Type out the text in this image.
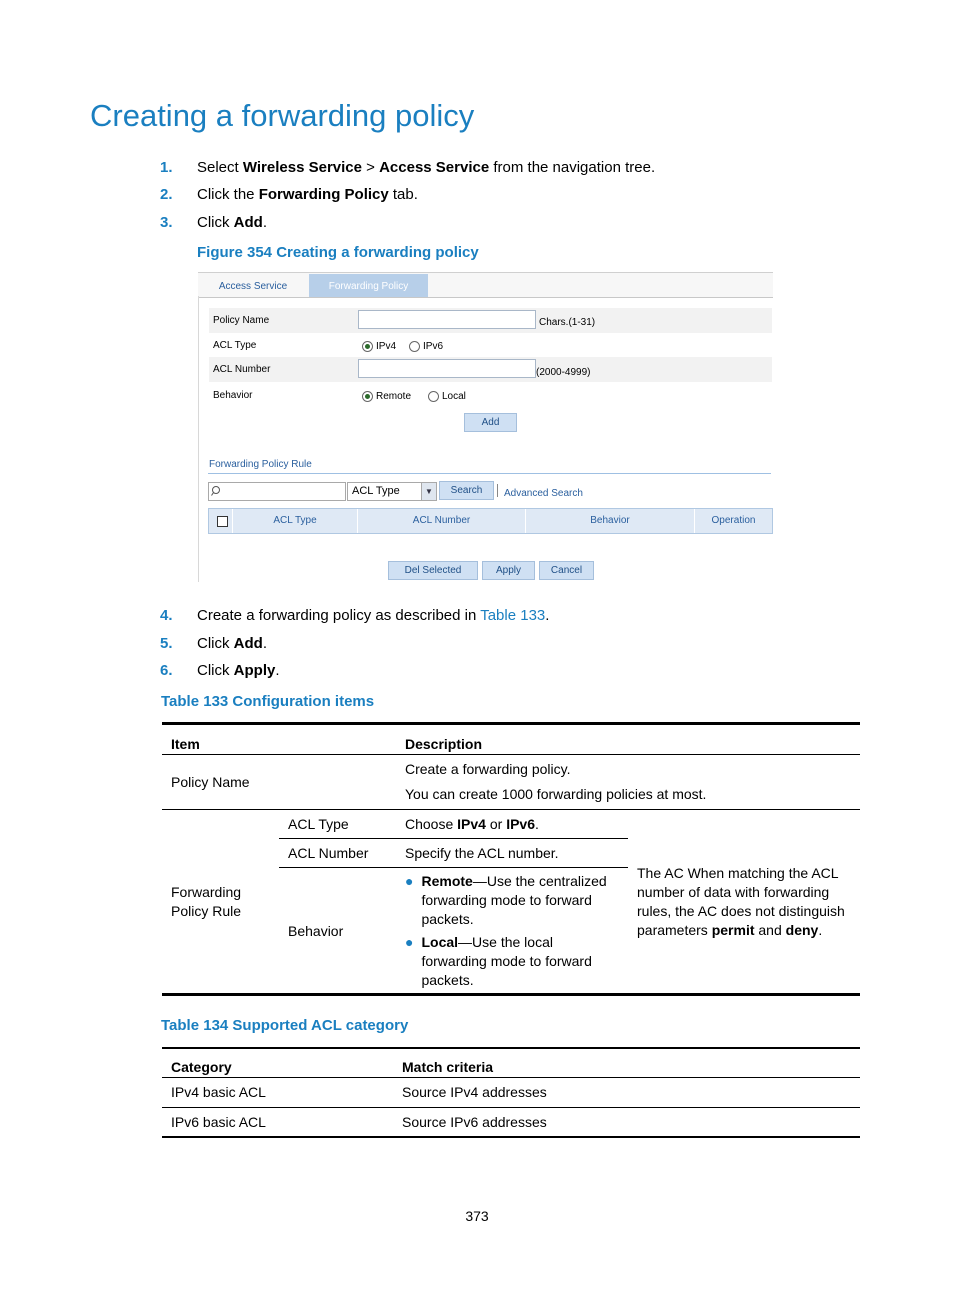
Creating a forwarding policy
1. Select Wireless Service > Access Service from the navigation tree.
2. Click the Forwarding Policy tab.
3. Click Add.
Figure 354 Creating a forwarding policy
Access Service	Forwarding Policy
Policy Name	Chars.(1-31)
ACL Type	IPv4	IPv6
ACL Number	(2000-4999)
Behavior	Remote	Local
Add
Forwarding Policy Rule
ACL Type	▼	Search	Advanced Search
ACL Type	ACL Number	Behavior	Operation
Del Selected	Apply	Cancel
4. Create a forwarding policy as described in Table 133.
5. Click Add.
6. Click Apply.
Table 133 Configuration items
Item		Description	
Policy Name		Create a forwarding policy.
You can create 1000 forwarding policies at most.	

Forwarding Policy Rule	ACL Type	Choose IPv4 or IPv6.	The AC When matching the ACL number of data with forwarding rules, the AC does not distinguish parameters permit and deny.
	ACL Number	Specify the ACL number.	
	Behavior	● Remote—Use the centralized forwarding mode to forward packets.
● Local—Use the local forwarding mode to forward packets.	
Table 134 Supported ACL category
Category	Match criteria
IPv4 basic ACL	Source IPv4 addresses
IPv6 basic ACL	Source IPv6 addresses
373
